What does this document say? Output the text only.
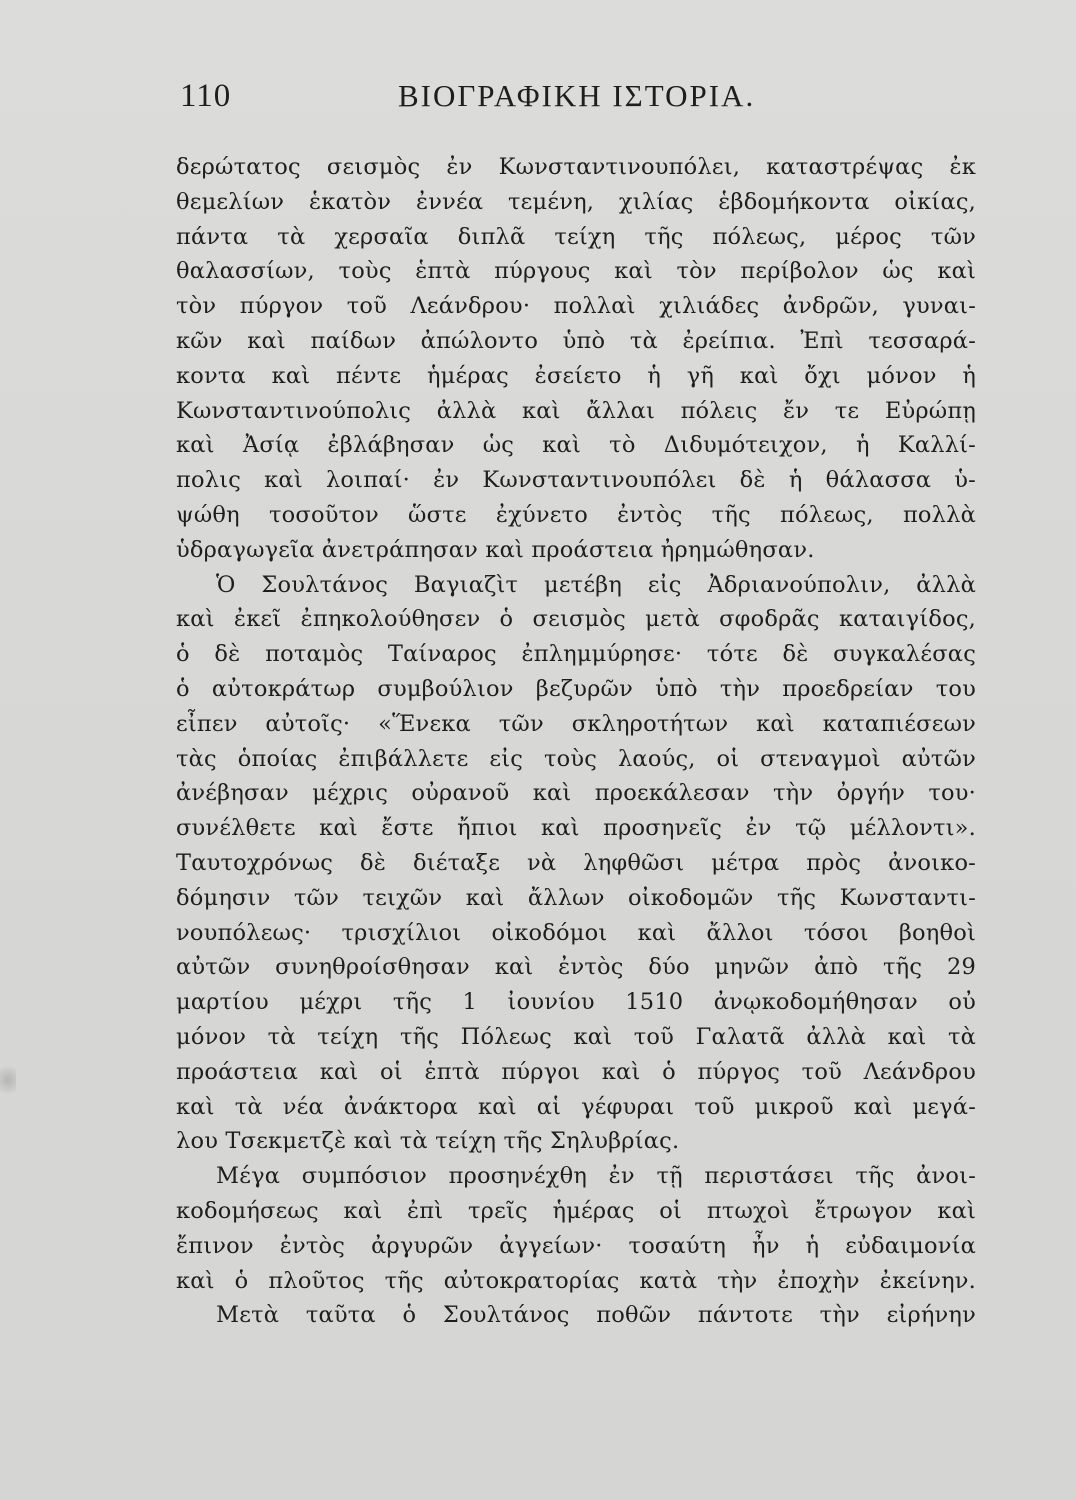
110	ΒΙΟΓΡΑΦΙΚΗ ΙΣΤΟΡΙΑ.
δερώτατος σεισμὸς ἐν Κωνσταντινουπόλει, καταστρέψας ἐκ
θεμελίων ἑκατὸν ἐννέα τεμένη, χιλίας ἑβδομήκοντα οἰκίας,
πάντα τὰ χερσαῖα διπλᾶ τείχη τῆς πόλεως, μέρος τῶν
θαλασσίων, τοὺς ἑπτὰ πύργους καὶ τὸν περίβολον ὡς καὶ
τὸν πύργον τοῦ Λεάνδρου· πολλαὶ χιλιάδες ἀνδρῶν, γυναι-
κῶν καὶ παίδων ἀπώλοντο ὑπὸ τὰ ἐρείπια. Ἐπὶ τεσσαρά-
κοντα καὶ πέντε ἡμέρας ἐσείετο ἡ γῆ καὶ ὄχι μόνον ἡ
Κωνσταντινούπολις ἀλλὰ καὶ ἄλλαι πόλεις ἔν τε Εὐρώπῃ
καὶ Ἀσίᾳ ἐβλάβησαν ὡς καὶ τὸ Διδυμότειχον, ἡ Καλλί-
πολις καὶ λοιπαί· ἐν Κωνσταντινουπόλει δὲ ἡ θάλασσα ὑ-
ψώθη τοσοῦτον ὥστε ἐχύνετο ἐντὸς τῆς πόλεως, πολλὰ
ὑδραγωγεῖα ἀνετράπησαν καὶ προάστεια ἠρημώθησαν.
Ὁ Σουλτάνος Βαγιαζὶτ μετέβη εἰς Ἀδριανούπολιν, ἀλλὰ
καὶ ἐκεῖ ἐπηκολούθησεν ὁ σεισμὸς μετὰ σφοδρᾶς καταιγίδος,
ὁ δὲ ποταμὸς Ταίναρος ἐπλημμύρησε· τότε δὲ συγκαλέσας
ὁ αὐτοκράτωρ συμβούλιον βεζυρῶν ὑπὸ τὴν προεδρείαν του
εἶπεν αὐτοῖς· «Ἕνεκα τῶν σκληροτήτων καὶ καταπιέσεων
τὰς ὁποίας ἐπιβάλλετε εἰς τοὺς λαούς, οἱ στεναγμοὶ αὐτῶν
ἀνέβησαν μέχρις οὐρανοῦ καὶ προεκάλεσαν τὴν ὀργήν του·
συνέλθετε καὶ ἔστε ἤπιοι καὶ προσηνεῖς ἐν τῷ μέλλοντι».
Ταυτοχρόνως δὲ διέταξε νὰ ληφθῶσι μέτρα πρὸς ἀνοικο-
δόμησιν τῶν τειχῶν καὶ ἄλλων οἰκοδομῶν τῆς Κωνσταντι-
νουπόλεως· τρισχίλιοι οἰκοδόμοι καὶ ἄλλοι τόσοι βοηθοὶ
αὐτῶν συνηθροίσθησαν καὶ ἐντὸς δύο μηνῶν ἀπὸ τῆς 29
μαρτίου μέχρι τῆς 1 ἰουνίου 1510 ἀνῳκοδομήθησαν οὐ
μόνον τὰ τείχη τῆς Πόλεως καὶ τοῦ Γαλατᾶ ἀλλὰ καὶ τὰ
προάστεια καὶ οἱ ἑπτὰ πύργοι καὶ ὁ πύργος τοῦ Λεάνδρου
καὶ τὰ νέα ἀνάκτορα καὶ αἱ γέφυραι τοῦ μικροῦ καὶ μεγά-
λου Τσεκμετζὲ καὶ τὰ τείχη τῆς Σηλυβρίας.
Μέγα συμπόσιον προσηνέχθη ἐν τῇ περιστάσει τῆς ἀνοι-
κοδομήσεως καὶ ἐπὶ τρεῖς ἡμέρας οἱ πτωχοὶ ἔτρωγον καὶ
ἔπινον ἐντὸς ἀργυρῶν ἀγγείων· τοσαύτη ἦν ἡ εὐδαιμονία
καὶ ὁ πλοῦτος τῆς αὐτοκρατορίας κατὰ τὴν ἐποχὴν ἐκείνην.
Μετὰ ταῦτα ὁ Σουλτάνος ποθῶν πάντοτε τὴν εἰρήνην
